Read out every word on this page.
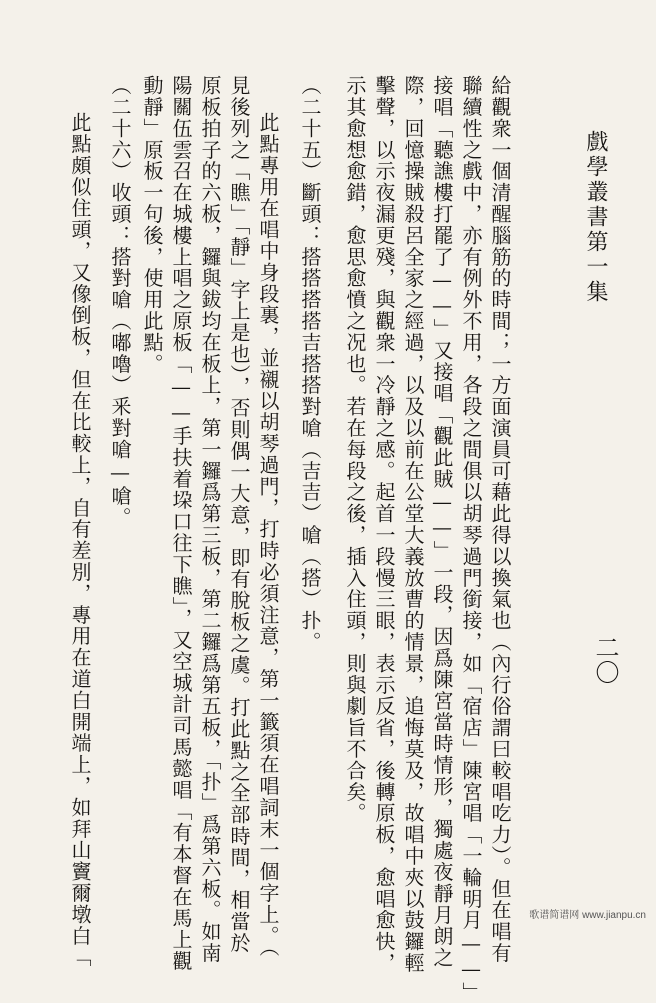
戲學叢書第一集
二〇
給觀衆一個清醒腦筋的時間；一方面演員可藉此得以換氣也（內行俗謂曰較唱吃力）。但在唱有
聯續性之戲中，亦有例外不用，各段之間俱以胡琴過門銜接，如「宿店」陳宮唱「一輪明月——」
接唱「聽譙樓打罷了——」又接唱「觀此賊——」一段，因爲陳宮當時情形，獨處夜靜月朗之
際，回憶操賊殺呂全家之經過，以及以前在公堂大義放曹的情景，追悔莫及，故唱中夾以鼓鑼輕
擊聲，以示夜漏更殘，與觀衆一冷靜之感。起首一段慢三眼，表示反省，後轉原板，愈唱愈快，
示其愈想愈錯，愈思愈憤之况也。若在每段之後，插入住頭，則與劇旨不合矣。
（二十五）斷頭：搭搭搭搭吉搭搭對嗆（吉吉）嗆（搭）扑。
此點專用在唱中身段裏，並襯以胡琴過門，打時必須注意，第一籤須在唱詞末一個字上。（
見後列之「瞧」「靜」字上是也），否則偶一大意，即有脫板之虞。打此點之全部時間，相當於
原板拍子的六板，鑼與鈸均在板上，第一鑼爲第三板，第二鑼爲第五板，「扑」爲第六板。如南
陽關伍雲召在城樓上唱之原板「——手扶着垜口往下瞧」，又空城計司馬懿唱「有本督在馬上觀
動靜」原板一句後，使用此點。
（二十六）收頭：搭對嗆（嘟嚕）釆對嗆—嗆。
此點頗似住頭，又像倒板，但在比較上，自有差別，專用在道白開端上，如拜山竇爾墩白「	歌谱简谱网 www.jianpu.cn
